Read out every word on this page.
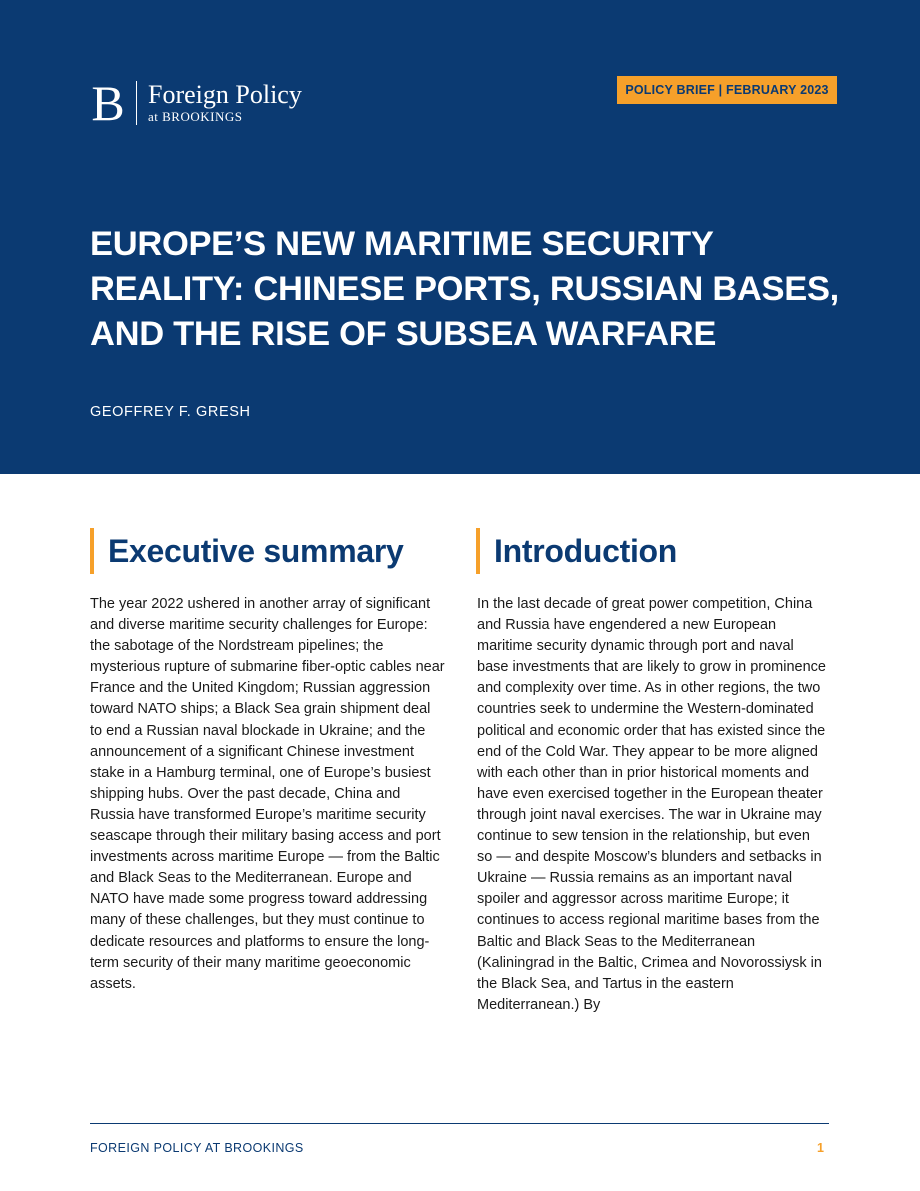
B Foreign Policy
at BROOKINGS
POLICY BRIEF | FEBRUARY 2023
EUROPE’S NEW MARITIME SECURITY REALITY: CHINESE PORTS, RUSSIAN BASES, AND THE RISE OF SUBSEA WARFARE
GEOFFREY F. GRESH
Executive summary

The year 2022 ushered in another array of significant and diverse maritime security challenges for Europe: the sabotage of the Nordstream pipelines; the mysterious rupture of submarine fiber-optic cables near France and the United Kingdom; Russian aggression toward NATO ships; a Black Sea grain shipment deal to end a Russian naval blockade in Ukraine; and the announcement of a significant Chinese investment stake in a Hamburg terminal, one of Europe’s busiest shipping hubs. Over the past decade, China and Russia have transformed Europe’s maritime security seascape through their military basing access and port investments across maritime Europe — from the Baltic and Black Seas to the Mediterranean. Europe and NATO have made some progress toward addressing many of these challenges, but they must continue to dedicate resources and platforms to ensure the long-term security of their many maritime geoeconomic assets.

Introduction

In the last decade of great power competition, China and Russia have engendered a new European maritime security dynamic through port and naval base investments that are likely to grow in prominence and complexity over time. As in other regions, the two countries seek to undermine the Western-dominated political and economic order that has existed since the end of the Cold War. They appear to be more aligned with each other than in prior historical moments and have even exercised together in the European theater through joint naval exercises. The war in Ukraine may continue to sew tension in the relationship, but even so — and despite Moscow’s blunders and setbacks in Ukraine — Russia remains as an important naval spoiler and aggressor across maritime Europe; it continues to access regional maritime bases from the Baltic and Black Seas to the Mediterranean (Kaliningrad in the Baltic, Crimea and Novorossiysk in the Black Sea, and Tartus in the eastern Mediterranean.) By

FOREIGN POLICY AT BROOKINGS	1
